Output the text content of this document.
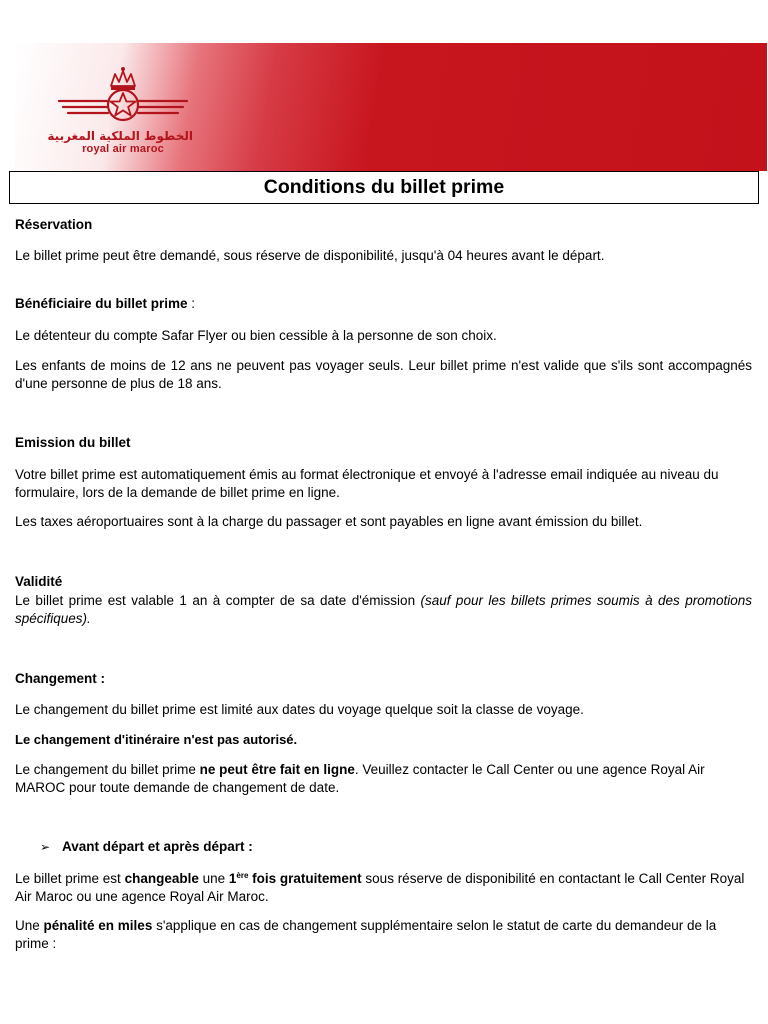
الخطوط الملكية المغربية
royal air maroc
Conditions du billet prime
Réservation
Le billet prime peut être demandé, sous réserve de disponibilité, jusqu'à 04 heures avant le départ.
Bénéficiaire du billet prime :
Le détenteur du compte Safar Flyer ou bien cessible à la personne de son choix.
Les enfants de moins de 12 ans ne peuvent pas voyager seuls. Leur billet prime n'est valide que s'ils sont accompagnés d'une personne de plus de 18 ans.
Emission du billet
Votre billet prime est automatiquement émis au format électronique et envoyé à l'adresse email indiquée au niveau du formulaire, lors de la demande de billet prime en ligne.
Les taxes aéroportuaires sont à la charge du passager et sont payables en ligne avant émission du billet.
Validité
Le billet prime est valable 1 an à compter de sa date d'émission (sauf pour les billets primes soumis à des promotions spécifiques).
Changement :
Le changement du billet prime est limité aux dates du voyage quelque soit la classe de voyage.
Le changement d'itinéraire n'est pas autorisé.
Le changement du billet prime ne peut être fait en ligne. Veuillez contacter le Call Center ou une agence Royal Air MAROC pour toute demande de changement de date.
➢ Avant départ et après départ :
Le billet prime est changeable une 1ère fois gratuitement sous réserve de disponibilité en contactant le Call Center Royal Air Maroc ou une agence Royal Air Maroc.
Une pénalité en miles s'applique en cas de changement supplémentaire selon le statut de carte du demandeur de la prime :
